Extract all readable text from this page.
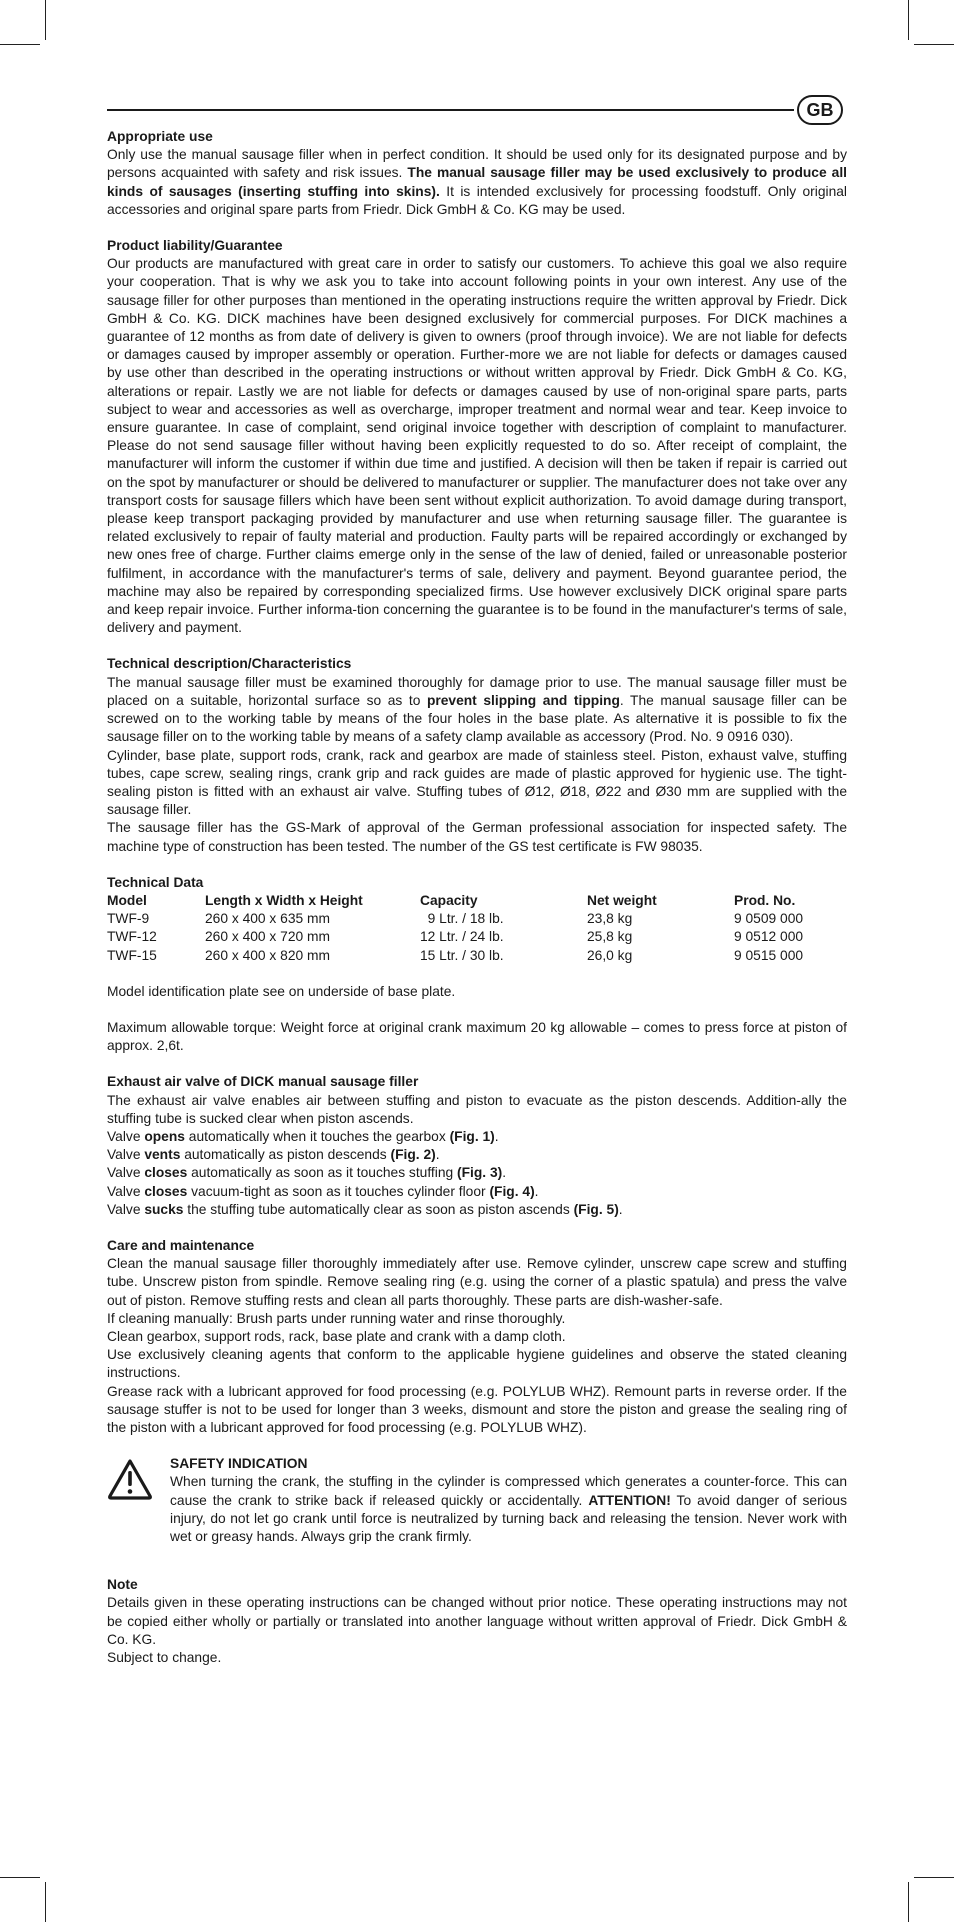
GB
Appropriate use

Only use the manual sausage filler when in perfect condition. It should be used only for its designated purpose and by persons acquainted with safety and risk issues. The manual sausage filler may be used exclusively to produce all kinds of sausages (inserting stuffing into skins). It is intended exclusively for processing foodstuff. Only original accessories and original spare parts from Friedr. Dick GmbH & Co. KG may be used.

Product liability/Guarantee

Our products are manufactured with great care in order to satisfy our customers. To achieve this goal we also require your cooperation. That is why we ask you to take into account following points in your own interest. Any use of the sausage filler for other purposes than mentioned in the operating instructions require the written approval by Friedr. Dick GmbH & Co. KG. DICK machines have been designed exclusively for commercial purposes. For DICK machines a guarantee of 12 months as from date of delivery is given to owners (proof through invoice). We are not liable for defects or damages caused by improper assembly or operation. Further-more we are not liable for defects or damages caused by use other than described in the operating instructions or without written approval by Friedr. Dick GmbH & Co. KG, alterations or repair. Lastly we are not liable for defects or damages caused by use of non-original spare parts, parts subject to wear and accessories as well as overcharge, improper treatment and normal wear and tear. Keep invoice to ensure guarantee. In case of complaint, send original invoice together with description of complaint to manufacturer. Please do not send sausage filler without having been explicitly requested to do so. After receipt of complaint, the manufacturer will inform the customer if within due time and justified. A decision will then be taken if repair is carried out on the spot by manufacturer or should be delivered to manufacturer or supplier. The manufacturer does not take over any transport costs for sausage fillers which have been sent without explicit authorization. To avoid damage during transport, please keep transport packaging provided by manufacturer and use when returning sausage filler. The guarantee is related exclusively to repair of faulty material and production. Faulty parts will be repaired accordingly or exchanged by new ones free of charge. Further claims emerge only in the sense of the law of denied, failed or unreasonable posterior fulfilment, in accordance with the manufacturer's terms of sale, delivery and payment. Beyond guarantee period, the machine may also be repaired by corresponding specialized firms. Use however exclusively DICK original spare parts and keep repair invoice. Further informa-tion concerning the guarantee is to be found in the manufacturer's terms of sale, delivery and payment.

Technical description/Characteristics

The manual sausage filler must be examined thoroughly for damage prior to use. The manual sausage filler must be placed on a suitable, horizontal surface so as to prevent slipping and tipping. The manual sausage filler can be screwed on to the working table by means of the four holes in the base plate. As alternative it is possible to fix the sausage filler on to the working table by means of a safety clamp available as accessory (Prod. No. 9 0916 030).

Cylinder, base plate, support rods, crank, rack and gearbox are made of stainless steel. Piston, exhaust valve, stuffing tubes, cape screw, sealing rings, crank grip and rack guides are made of plastic approved for hygienic use. The tight-sealing piston is fitted with an exhaust air valve. Stuffing tubes of Ø12, Ø18, Ø22 and Ø30 mm are supplied with the sausage filler.

The sausage filler has the GS-Mark of approval of the German professional association for inspected safety. The machine type of construction has been tested. The number of the GS test certificate is FW 98035.

Technical Data
Model	Length x Width x Height	Capacity	Net weight	Prod. No.
TWF-9	260 x 400 x 635 mm	9 Ltr. / 18 lb.	23,8 kg	9 0509 000
TWF-12	260 x 400 x 720 mm	12 Ltr. / 24 lb.	25,8 kg	9 0512 000
TWF-15	260 x 400 x 820 mm	15 Ltr. / 30 lb.	26,0 kg	9 0515 000

Model identification plate see on underside of base plate.

Maximum allowable torque: Weight force at original crank maximum 20 kg allowable – comes to press force at piston of approx. 2,6t.

Exhaust air valve of DICK manual sausage filler

The exhaust air valve enables air between stuffing and piston to evacuate as the piston descends. Addition-ally the stuffing tube is sucked clear when piston ascends.

Valve opens automatically when it touches the gearbox (Fig. 1).

Valve vents automatically as piston descends (Fig. 2).

Valve closes automatically as soon as it touches stuffing (Fig. 3).

Valve closes vacuum-tight as soon as it touches cylinder floor (Fig. 4).

Valve sucks the stuffing tube automatically clear as soon as piston ascends (Fig. 5).

Care and maintenance

Clean the manual sausage filler thoroughly immediately after use. Remove cylinder, unscrew cape screw and stuffing tube. Unscrew piston from spindle. Remove sealing ring (e.g. using the corner of a plastic spatula) and press the valve out of piston. Remove stuffing rests and clean all parts thoroughly. These parts are dish-washer-safe.

If cleaning manually: Brush parts under running water and rinse thoroughly.

Clean gearbox, support rods, rack, base plate and crank with a damp cloth.

Use exclusively cleaning agents that conform to the applicable hygiene guidelines and observe the stated cleaning instructions.

Grease rack with a lubricant approved for food processing (e.g. POLYLUB WHZ). Remount parts in reverse order. If the sausage stuffer is not to be used for longer than 3 weeks, dismount and store the piston and grease the sealing ring of the piston with a lubricant approved for food processing (e.g. POLYLUB WHZ).

SAFETY INDICATION

When turning the crank, the stuffing in the cylinder is compressed which generates a counter-force. This can cause the crank to strike back if released quickly or accidentally. ATTENTION! To avoid danger of serious injury, do not let go crank until force is neutralized by turning back and releasing the tension. Never work with wet or greasy hands. Always grip the crank firmly.

Note

Details given in these operating instructions can be changed without prior notice. These operating instructions may not be copied either wholly or partially or translated into another language without written approval of Friedr. Dick GmbH & Co. KG.

Subject to change.
